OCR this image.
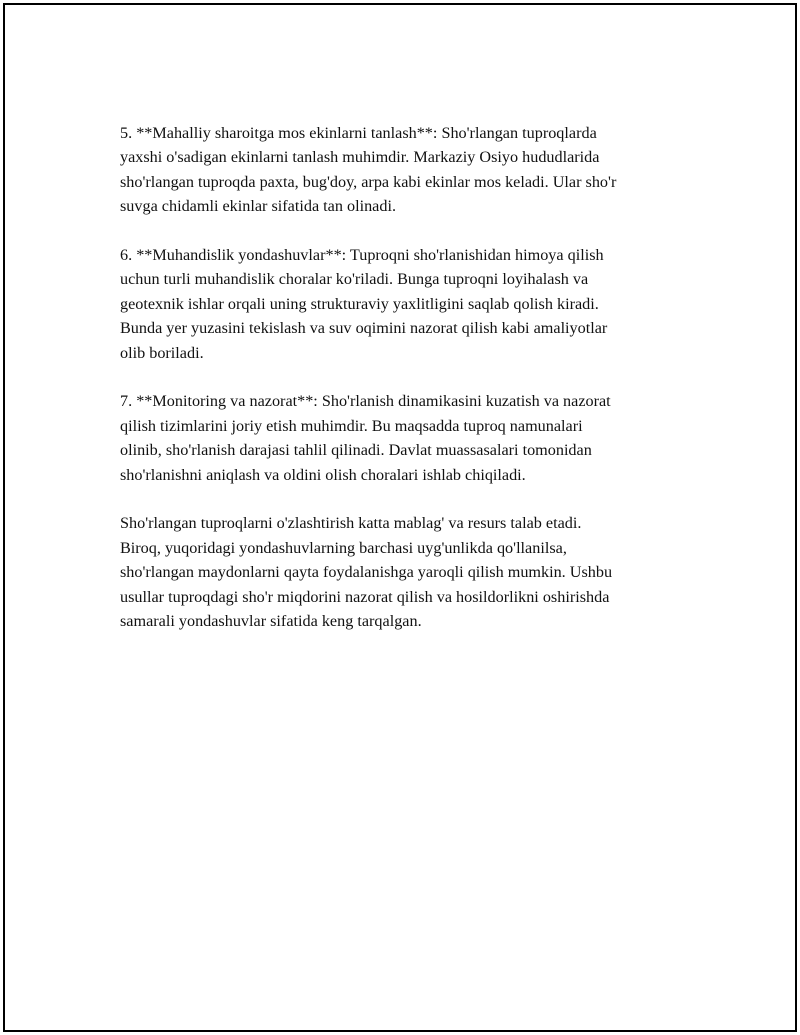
5. **Mahalliy sharoitga mos ekinlarni tanlash**: Sho'rlangan tuproqlarda
yaxshi o'sadigan ekinlarni tanlash muhimdir. Markaziy Osiyo hududlarida
sho'rlangan tuproqda paxta, bug'doy, arpa kabi ekinlar mos keladi. Ular sho'r
suvga chidamli ekinlar sifatida tan olinadi.

6. **Muhandislik yondashuvlar**: Tuproqni sho'rlanishidan himoya qilish
uchun turli muhandislik choralar ko'riladi. Bunga tuproqni loyihalash va
geotexnik ishlar orqali uning strukturaviy yaxlitligini saqlab qolish kiradi.
Bunda yer yuzasini tekislash va suv oqimini nazorat qilish kabi amaliyotlar
olib boriladi.

7. **Monitoring va nazorat**: Sho'rlanish dinamikasini kuzatish va nazorat
qilish tizimlarini joriy etish muhimdir. Bu maqsadda tuproq namunalari
olinib, sho'rlanish darajasi tahlil qilinadi. Davlat muassasalari tomonidan
sho'rlanishni aniqlash va oldini olish choralari ishlab chiqiladi.

Sho'rlangan tuproqlarni o'zlashtirish katta mablag' va resurs talab etadi.
Biroq, yuqoridagi yondashuvlarning barchasi uyg'unlikda qo'llanilsa,
sho'rlangan maydonlarni qayta foydalanishga yaroqli qilish mumkin. Ushbu
usullar tuproqdagi sho'r miqdorini nazorat qilish va hosildorlikni oshirishda
samarali yondashuvlar sifatida keng tarqalgan.
